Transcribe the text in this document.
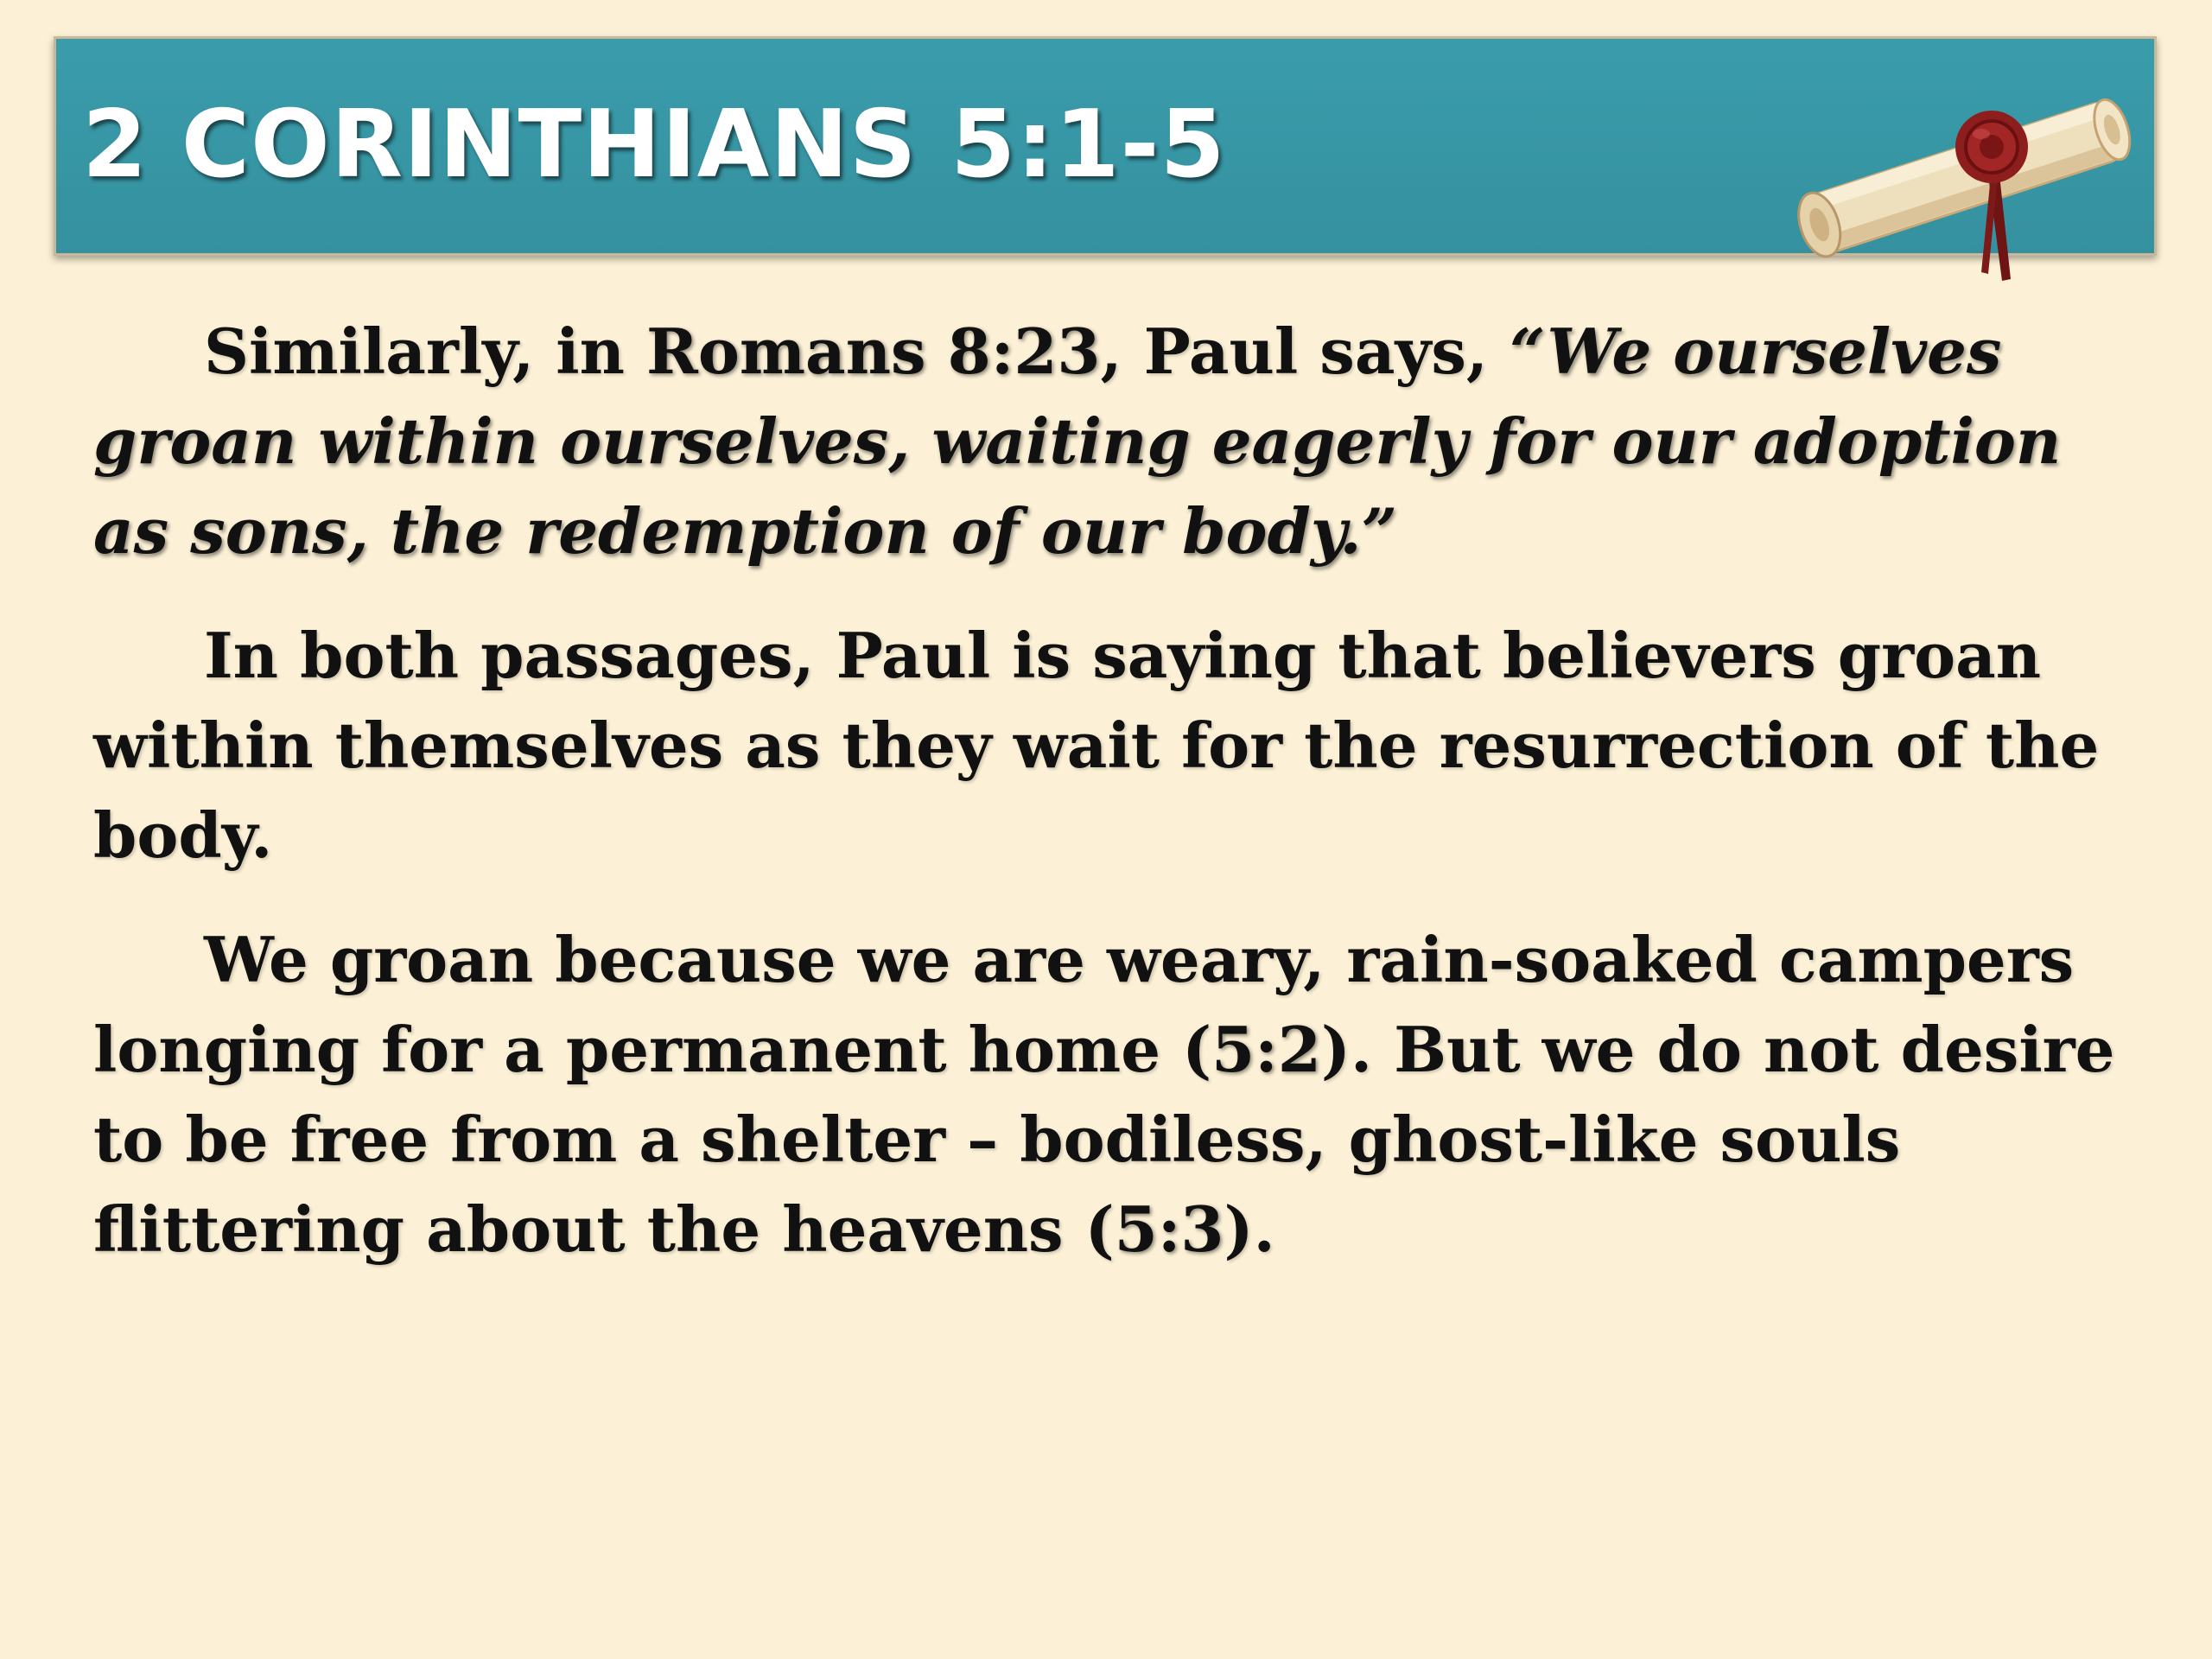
2 CORINTHIANS 5:1-5

Similarly, in Romans 8:23, Paul says, “We ourselves groan within ourselves, waiting eagerly for our adoption as sons, the redemption of our body.”

In both passages, Paul is saying that believers groan within themselves as they wait for the resurrection of the body.

We groan because we are weary, rain-soaked campers longing for a permanent home (5:2). But we do not desire to be free from a shelter – bodiless, ghost-like souls flittering about the heavens (5:3).
